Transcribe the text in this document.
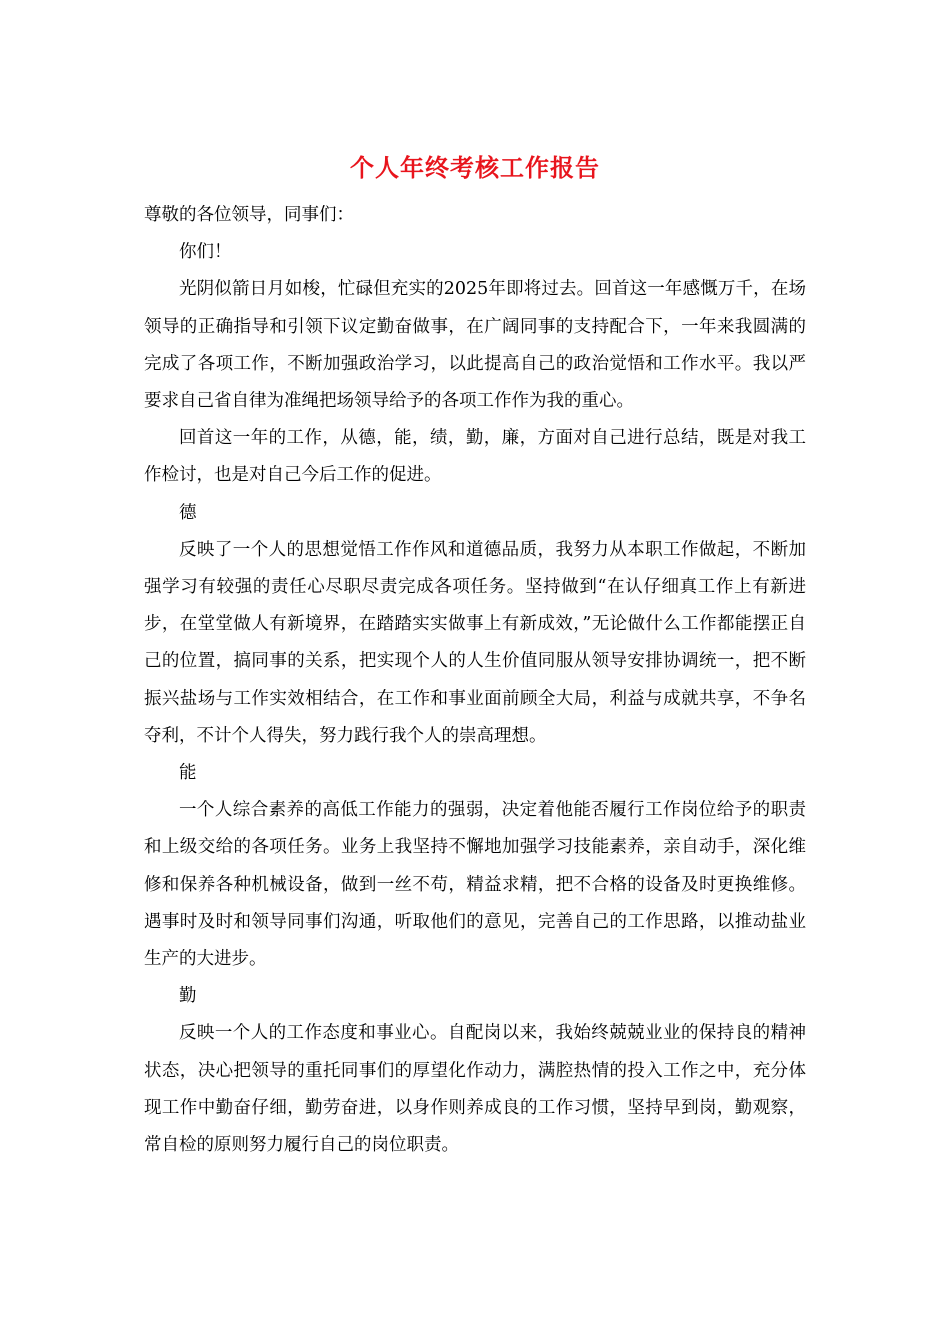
个人年终考核工作报告

尊敬的各位领导，同事们：

你们！

光阴似箭日月如梭，忙碌但充实的2025年即将过去。回首这一年感慨万千，在场领导的正确指导和引领下议定勤奋做事，在广阔同事的支持配合下，一年来我圆满的完成了各项工作，不断加强政治学习，以此提高自己的政治觉悟和工作水平。我以严要求自己省自律为准绳把场领导给予的各项工作作为我的重心。

回首这一年的工作，从德，能，绩，勤，廉，方面对自己进行总结，既是对我工作检讨，也是对自己今后工作的促进。

德

反映了一个人的思想觉悟工作作风和道德品质，我努力从本职工作做起，不断加强学习有较强的责任心尽职尽责完成各项任务。坚持做到“在认仔细真工作上有新进步，在堂堂做人有新境界，在踏踏实实做事上有新成效，”无论做什么工作都能摆正自己的位置，搞同事的关系，把实现个人的人生价值同服从领导安排协调统一，把不断振兴盐场与工作实效相结合，在工作和事业面前顾全大局，利益与成就共享，不争名夺利，不计个人得失，努力践行我个人的崇高理想。

能

一个人综合素养的高低工作能力的强弱，决定着他能否履行工作岗位给予的职责和上级交给的各项任务。业务上我坚持不懈地加强学习技能素养，亲自动手，深化维修和保养各种机械设备，做到一丝不苟，精益求精，把不合格的设备及时更换维修。遇事时及时和领导同事们沟通，听取他们的意见，完善自己的工作思路，以推动盐业生产的大进步。

勤

反映一个人的工作态度和事业心。自配岗以来，我始终兢兢业业的保持良的精神状态，决心把领导的重托同事们的厚望化作动力，满腔热情的投入工作之中，充分体现工作中勤奋仔细，勤劳奋进，以身作则养成良的工作习惯，坚持早到岗，勤观察，常自检的原则努力履行自己的岗位职责。
